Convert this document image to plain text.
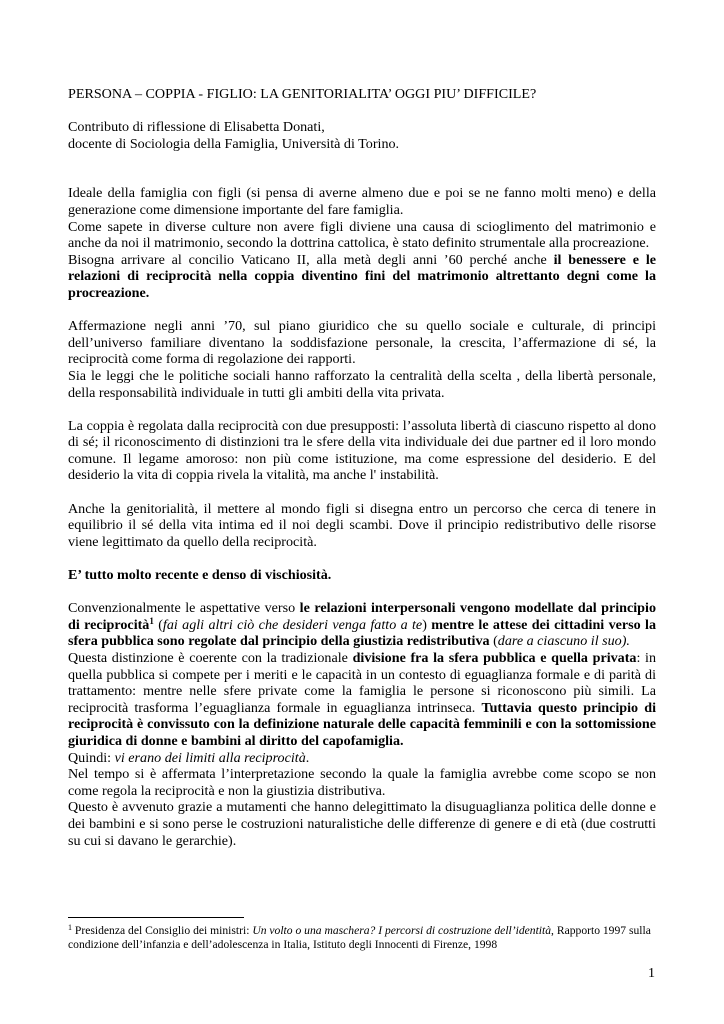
PERSONA – COPPIA - FIGLIO: LA GENITORIALITA’ OGGI PIU’ DIFFICILE?

Contributo di riflessione di Elisabetta Donati,

docente di Sociologia della Famiglia, Università di Torino.

Ideale della famiglia con figli (si pensa di averne almeno due e poi se ne fanno molti meno) e della generazione come dimensione importante del fare famiglia.

Come sapete in diverse culture non avere figli diviene una causa di scioglimento del matrimonio e anche da noi il matrimonio, secondo la dottrina cattolica, è stato definito strumentale alla procreazione.

Bisogna arrivare al concilio Vaticano II, alla metà degli anni ’60 perché anche il benessere e le relazioni di reciprocità nella coppia diventino fini del matrimonio altrettanto degni come la procreazione.

Affermazione negli anni ’70, sul piano giuridico che su quello sociale e culturale, di principi dell’universo familiare diventano la soddisfazione personale, la crescita, l’affermazione di sé, la reciprocità come forma di regolazione dei rapporti.

Sia le leggi che le politiche sociali hanno rafforzato la centralità della scelta , della libertà personale, della responsabilità individuale in tutti gli ambiti della vita privata.

La coppia è regolata dalla reciprocità con due presupposti: l’assoluta libertà di ciascuno rispetto al dono di sé; il riconoscimento di distinzioni tra le sfere della vita individuale dei due partner ed il loro mondo comune. Il legame amoroso: non più come istituzione, ma come espressione del desiderio. E del desiderio la vita di coppia rivela la vitalità, ma anche l' instabilità.

Anche la genitorialità, il mettere al mondo figli si disegna entro un percorso che cerca di tenere in equilibrio il sé della vita intima ed il noi degli scambi. Dove il principio redistributivo delle risorse viene legittimato da quello della reciprocità.

E’ tutto molto recente e denso di vischiosità.

Convenzionalmente le aspettative verso le relazioni interpersonali vengono modellate dal principio di reciprocità$^1$ (fai agli altri ciò che desideri venga fatto a te) mentre le attese dei cittadini verso la sfera pubblica sono regolate dal principio della giustizia redistributiva (dare a ciascuno il suo).

Questa distinzione è coerente con la tradizionale divisione fra la sfera pubblica e quella privata: in quella pubblica si compete per i meriti e le capacità in un contesto di eguaglianza formale e di parità di trattamento: mentre nelle sfere private come la famiglia le persone si riconoscono più simili. La reciprocità trasforma l’eguaglianza formale in eguaglianza intrinseca. Tuttavia questo principio di reciprocità è convissuto con la definizione naturale delle capacità femminili e con la sottomissione giuridica di donne e bambini al diritto del capofamiglia.

Quindi: vi erano dei limiti alla reciprocità.

Nel tempo si è affermata l’interpretazione secondo la quale la famiglia avrebbe come scopo se non come regola la reciprocità e non la giustizia distributiva.

Questo è avvenuto grazie a mutamenti che hanno delegittimato la disuguaglianza politica delle donne e dei bambini e si sono perse le costruzioni naturalistiche delle differenze di genere e di età (due costrutti su cui si davano le gerarchie).

$^1$ Presidenza del Consiglio dei ministri: Un volto o una maschera? I percorsi di costruzione dell’identità, Rapporto 1997 sulla condizione dell’infanzia e dell’adolescenza in Italia, Istituto degli Innocenti di Firenze, 1998
1
